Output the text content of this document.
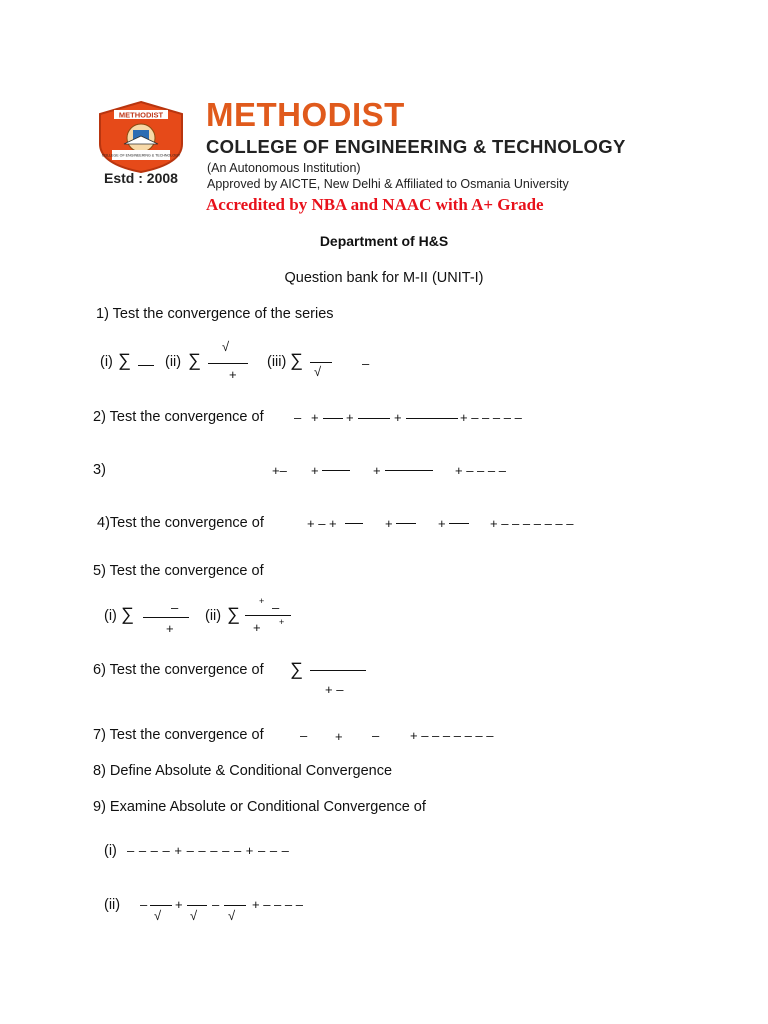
METHODIST
COLLEGE OF ENGINEERING & TECHNOLOGY
Estd : 2008
METHODIST
COLLEGE OF ENGINEERING & TECHNOLOGY
(An Autonomous Institution)
Approved by AICTE, New Delhi & Affiliated to Osmania University
Accredited by NBA and NAAC with A+ Grade
Department of H&S
Question bank for M-II (UNIT-I)
1) Test the convergence of the series
(i) ∑ (ii) ∑
√
+
(iii) ∑
√
–
2) Test the convergence of – + +	+	+ – – – – –
3)	+– +	+	+ – – – –
4)Test the convergence of	+ – +	+	+	+ – – – – – – –
5) Test the convergence of
(i) ∑	–
+
(ii) ∑
+ –
+ +
6) Test the convergence of ∑
+ –
7) Test the convergence of	– + – + – – – – – – –
8) Define Absolute & Conditional Convergence
9) Examine Absolute or Conditional Convergence of
(i) – – – – + – – – – – + – – –
(ii) –
√
+
√
–
√
+ – – – –
